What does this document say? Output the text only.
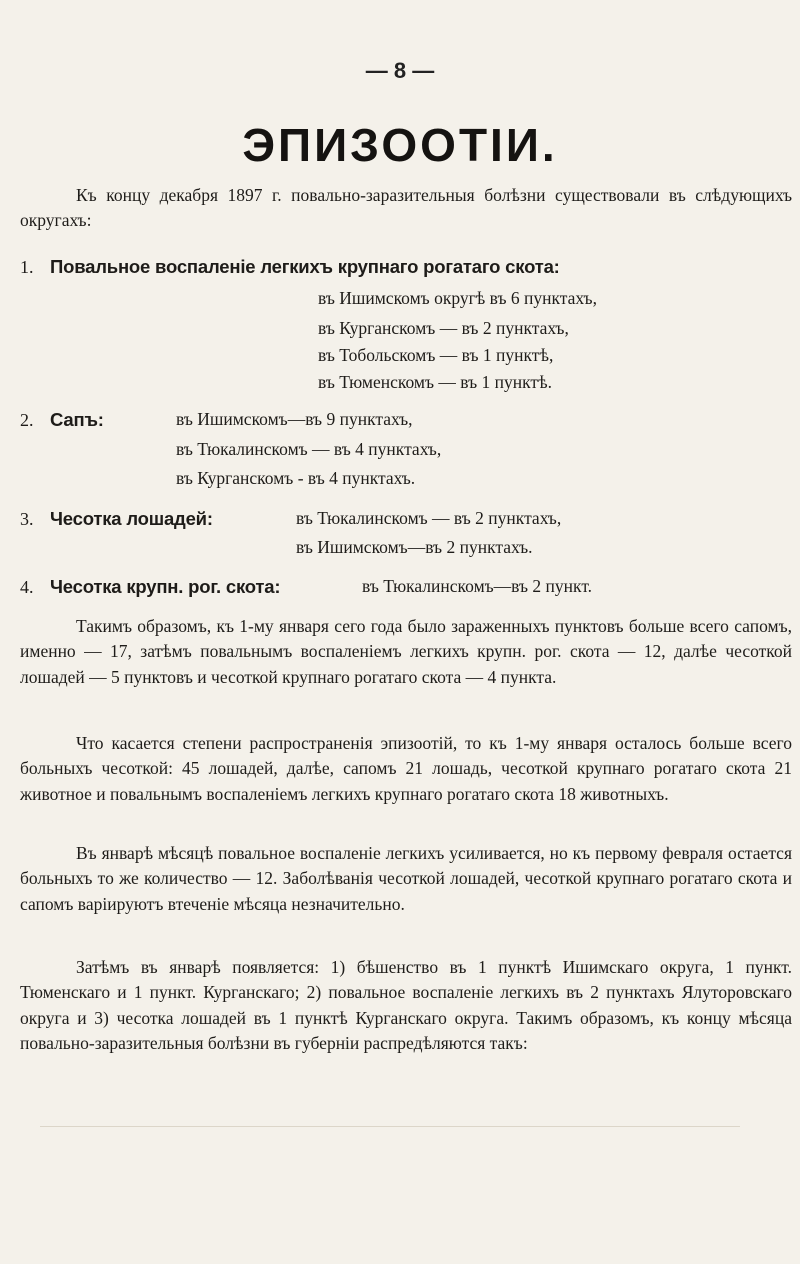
— 8 —
ЭПИЗООТІИ.
Къ концу декабря 1897 г. повально-заразительныя болѣзни существовали въ слѣдующихъ округахъ:
1. Повальное воспаленіе легкихъ крупнаго рогатаго скота:
въ Ишимскомъ округѣ въ 6 пунктахъ,
въ Курганскомъ — въ 2 пунктахъ,
въ Тобольскомъ — въ 1 пунктѣ,
въ Тюменскомъ — въ 1 пунктѣ.
2. Сапъ:	въ Ишимскомъ—въ 9 пунктахъ,
въ Тюкалинскомъ — въ 4 пунктахъ,
въ Курганскомъ - въ 4 пунктахъ.
3. Чесотка лошадей:	въ Тюкалинскомъ — въ 2 пунктахъ,
въ Ишимскомъ—въ 2 пунктахъ.
4. Чесотка крупн. рог. скота:	въ Тюкалинскомъ—въ 2 пункт.
Такимъ образомъ, къ 1-му января сего года было зараженныхъ пунктовъ больше всего сапомъ, именно — 17, затѣмъ повальнымъ воспаленіемъ легкихъ крупн. рог. скота — 12, далѣе чесоткой лошадей — 5 пунктовъ и чесоткой крупнаго рогатаго скота — 4 пункта.
Что касается степени распространенія эпизоотій, то къ 1-му января осталось больше всего больныхъ чесоткой: 45 лошадей, далѣе, сапомъ 21 лошадь, чесоткой крупнаго рогатаго скота 21 животное и повальнымъ воспаленіемъ легкихъ крупнаго рогатаго скота 18 животныхъ.
Въ январѣ мѣсяцѣ повальное воспаленіе легкихъ усиливается, но къ первому февраля остается больныхъ то же количество — 12. Заболѣванія чесоткой лошадей, чесоткой крупнаго рогатаго скота и сапомъ варіируютъ втеченіе мѣсяца незначительно.
Затѣмъ въ январѣ появляется: 1) бѣшенство въ 1 пунктѣ Ишимскаго округа, 1 пункт. Тюменскаго и 1 пункт. Курганскаго; 2) повальное воспаленіе легкихъ въ 2 пунктахъ Ялуторовскаго округа и 3) чесотка лошадей въ 1 пунктѣ Курганскаго округа. Такимъ образомъ, къ концу мѣсяца повально-заразительныя болѣзни въ губерніи распредѣляются такъ:
